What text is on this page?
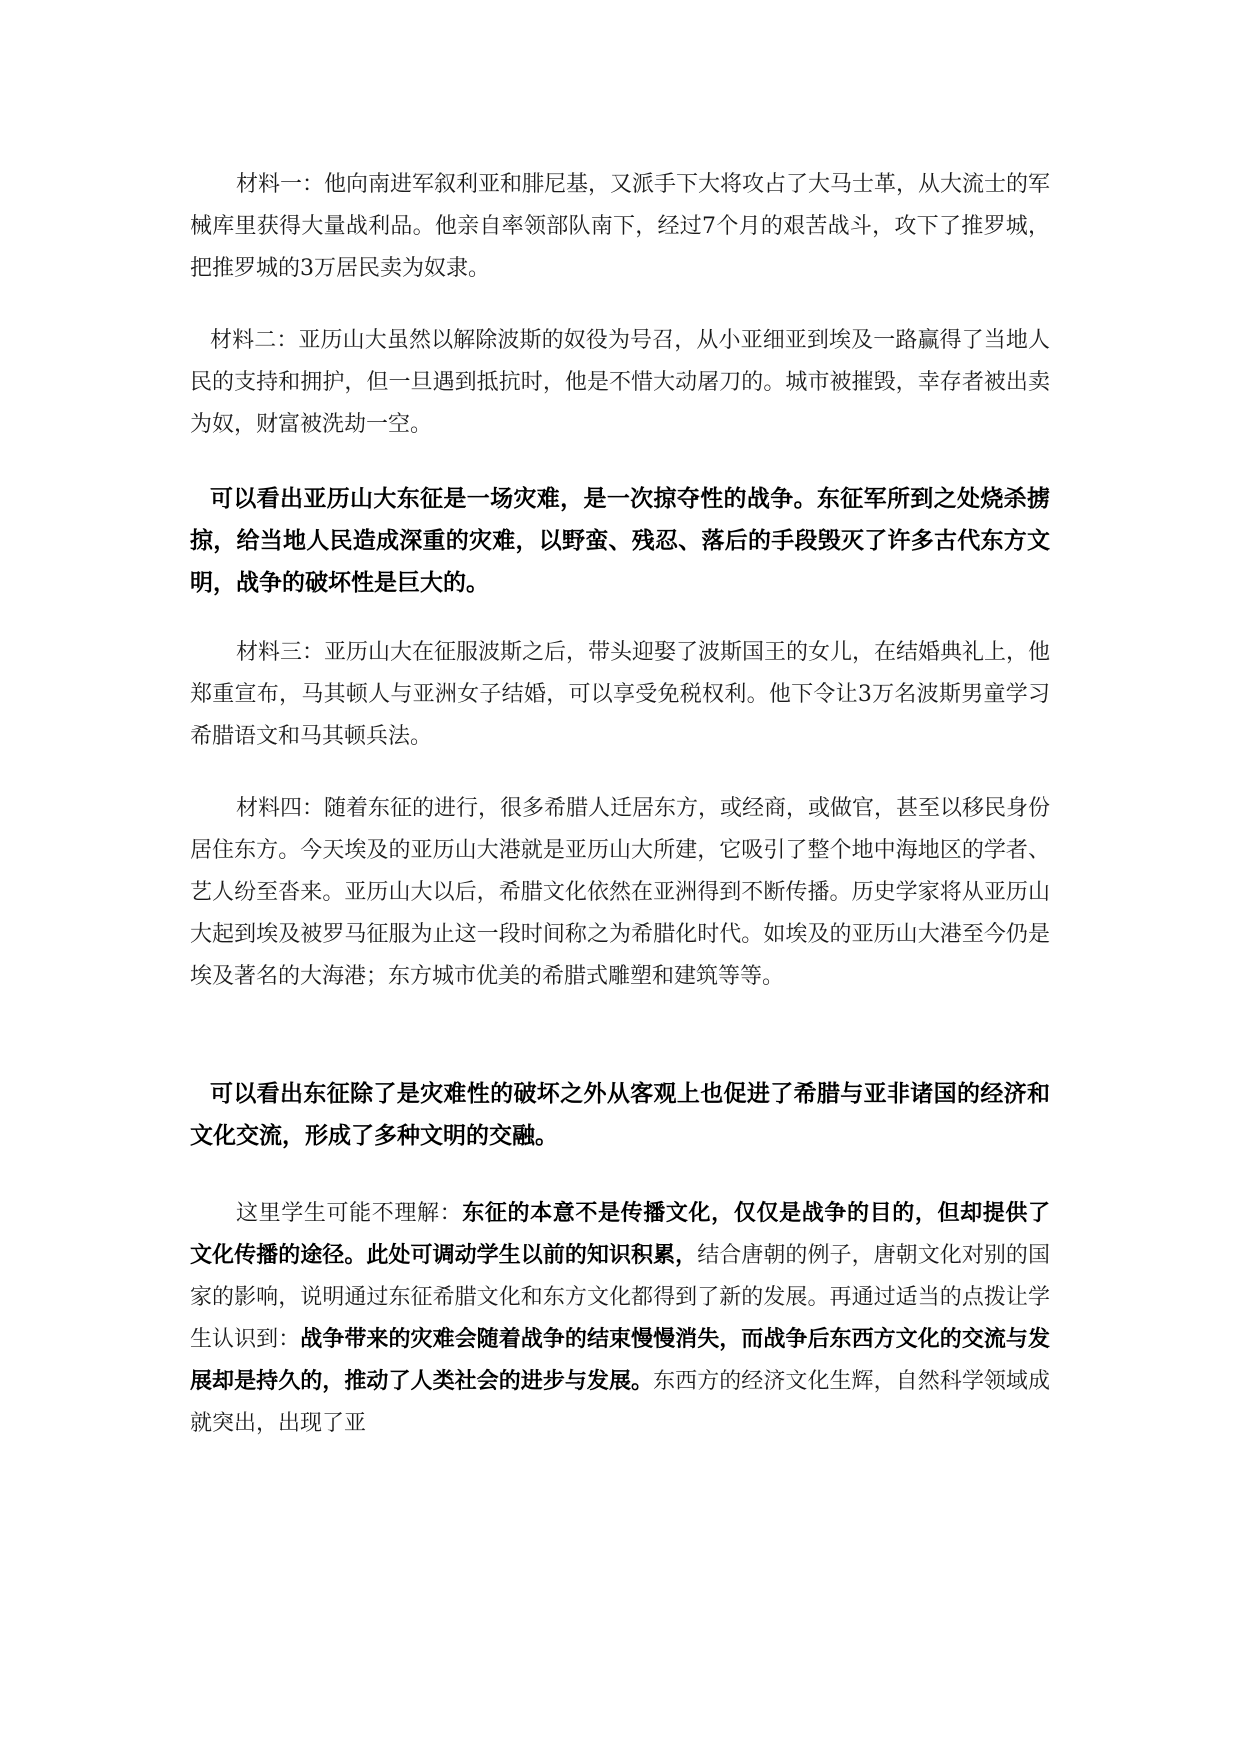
材料一：他向南进军叙利亚和腓尼基，又派手下大将攻占了大马士革，从大流士的军械库里获得大量战利品。他亲自率领部队南下，经过7个月的艰苦战斗，攻下了推罗城，把推罗城的3万居民卖为奴隶。

材料二：亚历山大虽然以解除波斯的奴役为号召，从小亚细亚到埃及一路赢得了当地人民的支持和拥护，但一旦遇到抵抗时，他是不惜大动屠刀的。城市被摧毁，幸存者被出卖为奴，财富被洗劫一空。

可以看出亚历山大东征是一场灾难，是一次掠夺性的战争。东征军所到之处烧杀掳掠，给当地人民造成深重的灾难，以野蛮、残忍、落后的手段毁灭了许多古代东方文明，战争的破坏性是巨大的。

材料三：亚历山大在征服波斯之后，带头迎娶了波斯国王的女儿，在结婚典礼上，他郑重宣布，马其顿人与亚洲女子结婚，可以享受免税权利。他下令让3万名波斯男童学习希腊语文和马其顿兵法。

材料四：随着东征的进行，很多希腊人迁居东方，或经商，或做官，甚至以移民身份居住东方。今天埃及的亚历山大港就是亚历山大所建，它吸引了整个地中海地区的学者、艺人纷至沓来。亚历山大以后，希腊文化依然在亚洲得到不断传播。历史学家将从亚历山大起到埃及被罗马征服为止这一段时间称之为希腊化时代。如埃及的亚历山大港至今仍是埃及著名的大海港；东方城市优美的希腊式雕塑和建筑等等。

可以看出东征除了是灾难性的破坏之外从客观上也促进了希腊与亚非诸国的经济和文化交流，形成了多种文明的交融。

这里学生可能不理解：东征的本意不是传播文化，仅仅是战争的目的，但却提供了文化传播的途径。此处可调动学生以前的知识积累，结合唐朝的例子，唐朝文化对别的国家的影响，说明通过东征希腊文化和东方文化都得到了新的发展。再通过适当的点拨让学生认识到：战争带来的灾难会随着战争的结束慢慢消失，而战争后东西方文化的交流与发展却是持久的，推动了人类社会的进步与发展。东西方的经济文化生辉，自然科学领域成就突出，出现了亚
